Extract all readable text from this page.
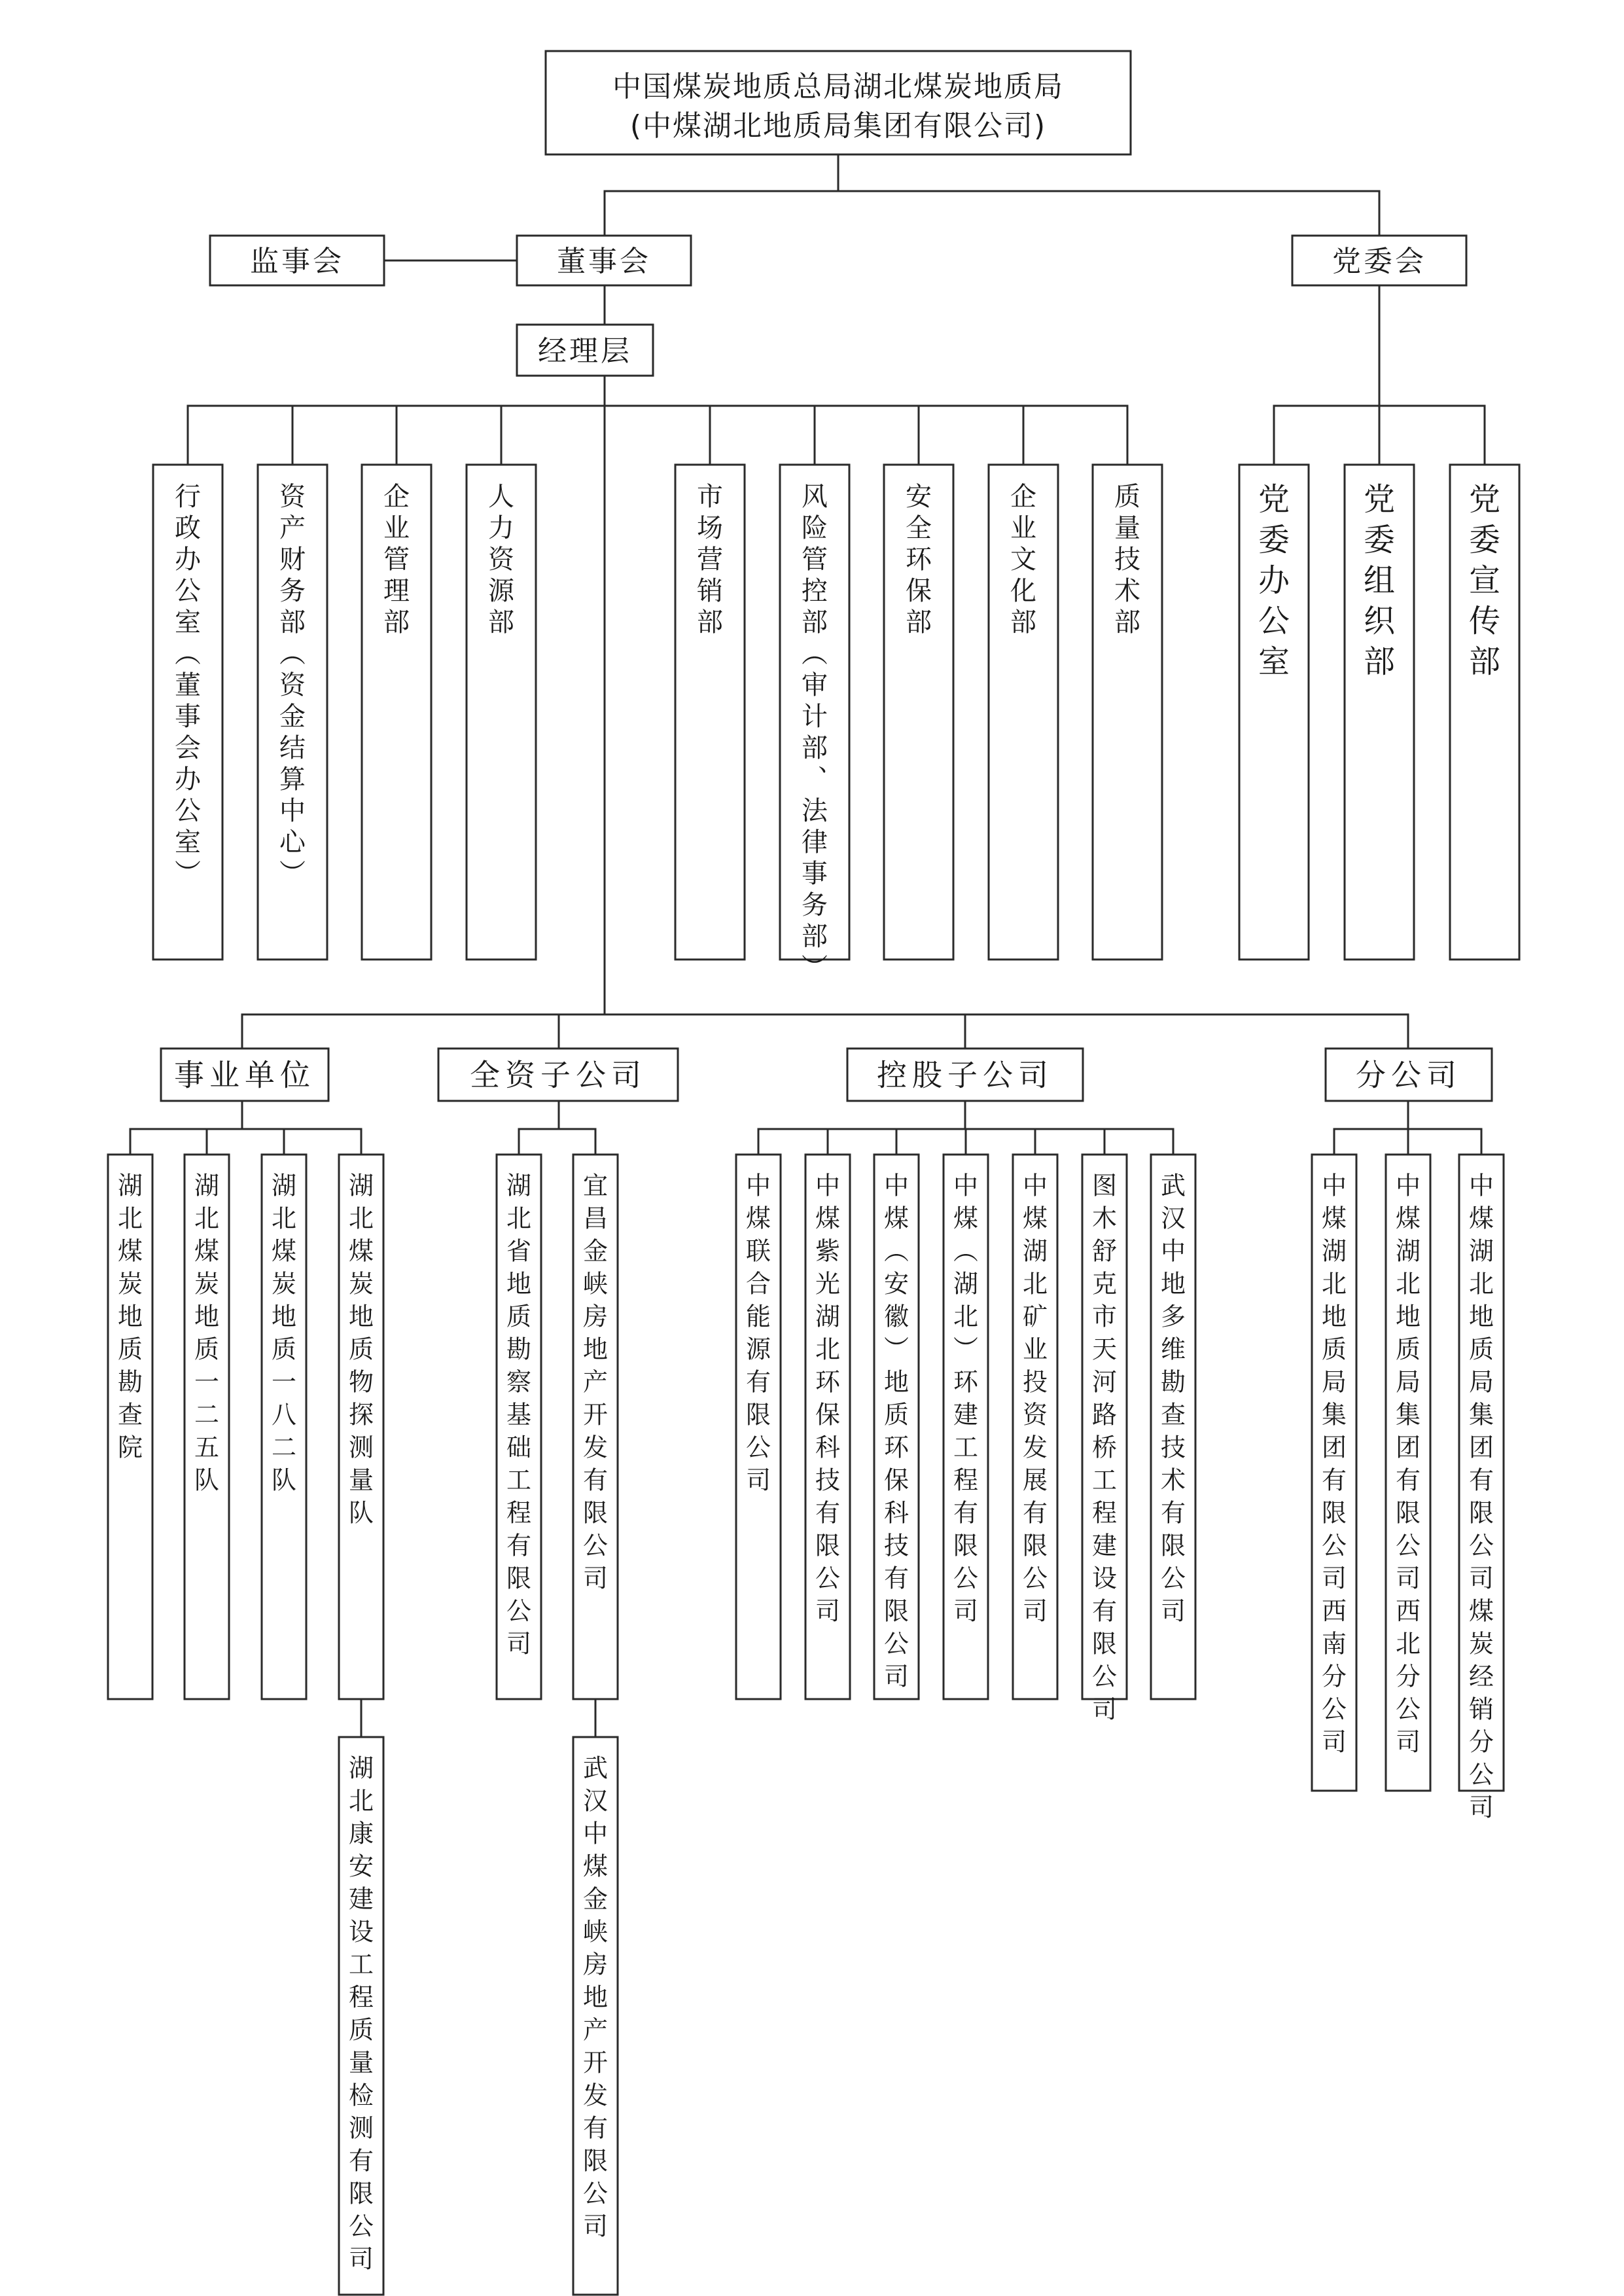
中国煤炭地质总局湖北煤炭地质局
(中煤湖北地质局集团有限公司)
监事会	董事会	党委会
经理层
行政办公室︵董事会办公室︶
资产财务部︵资金结算中心︶
企业管理部
人力资源部
市场营销部
风险管控部︵审计部︑法律事务部︶
安全环保部
企业文化部
质量技术部
党委办公室
党委组织部
党委宣传部
事业单位	全资子公司	控股子公司	分公司
湖北煤炭地质勘查院
湖北煤炭地质一二五队
湖北煤炭地质一八二队
湖北煤炭地质物探测量队
湖北省地质勘察基础工程有限公司
宜昌金峡房地产开发有限公司
中煤联合能源有限公司
中煤紫光湖北环保科技有限公司
中煤︵安徽︶地质环保科技有限公司
中煤︵湖北︶环建工程有限公司
中煤湖北矿业投资发展有限公司
图木舒克市天河路桥工程建设有限公司
武汉中地多维勘查技术有限公司
中煤湖北地质局集团有限公司西南分公司
中煤湖北地质局集团有限公司西北分公司
中煤湖北地质局集团有限公司煤炭经销分公司
湖北康安建设工程质量检测有限公司
武汉中煤金峡房地产开发有限公司
